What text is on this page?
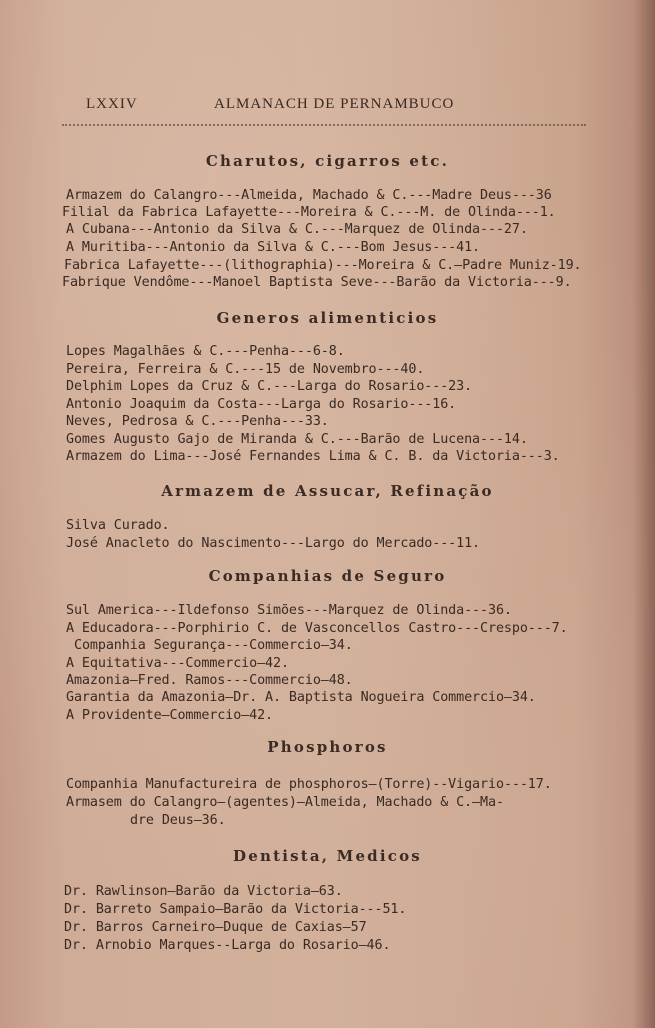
LXXIV	ALMANACH DE PERNAMBUCO
Charutos, cigarros etc.
Armazem do Calangro---Almeida, Machado & C.---Madre Deus---36
Filial da Fabrica Lafayette---Moreira & C.---M. de Olinda---1.
A Cubana---Antonio da Silva & C.---Marquez de Olinda---27.
A Muritiba---Antonio da Silva & C.---Bom Jesus---41.
Fabrica Lafayette---(lithographia)---Moreira & C.—Padre Muniz-19.
Fabrique Vendôme---Manoel Baptista Seve---Barão da Victoria---9.
Generos alimenticios
Lopes Magalhães & C.---Penha---6-8.
Pereira, Ferreira & C.---15 de Novembro---40.
Delphim Lopes da Cruz & C.---Larga do Rosario---23.
Antonio Joaquim da Costa---Larga do Rosario---16.
Neves, Pedrosa & C.---Penha---33.
Gomes Augusto Gajo de Miranda & C.---Barão de Lucena---14.
Armazem do Lima---José Fernandes Lima & C. B. da Victoria---3.
Armazem de Assucar, Refinação
Silva Curado.
José Anacleto do Nascimento---Largo do Mercado---11.
Companhias de Seguro
Sul America---Ildefonso Simões---Marquez de Olinda---36.
A Educadora---Porphirio C. de Vasconcellos Castro---Crespo---7.
Companhia Segurança---Commercio—34.
A Equitativa---Commercio—42.
Amazonia—Fred. Ramos---Commercio—48.
Garantia da Amazonia—Dr. A. Baptista Nogueira Commercio—34.
A Providente—Commercio—42.
Phosphoros
Companhia Manufactureira de phosphoros—(Torre)--Vigario---17.
Armasem do Calangro—(agentes)—Almeida, Machado & C.—Ma-
dre Deus—36.
Dentista, Medicos
Dr. Rawlinson—Barão da Victoria—63.
Dr. Barreto Sampaio—Barão da Victoria---51.
Dr. Barros Carneiro—Duque de Caxias—57
Dr. Arnobio Marques--Larga do Rosario—46.
